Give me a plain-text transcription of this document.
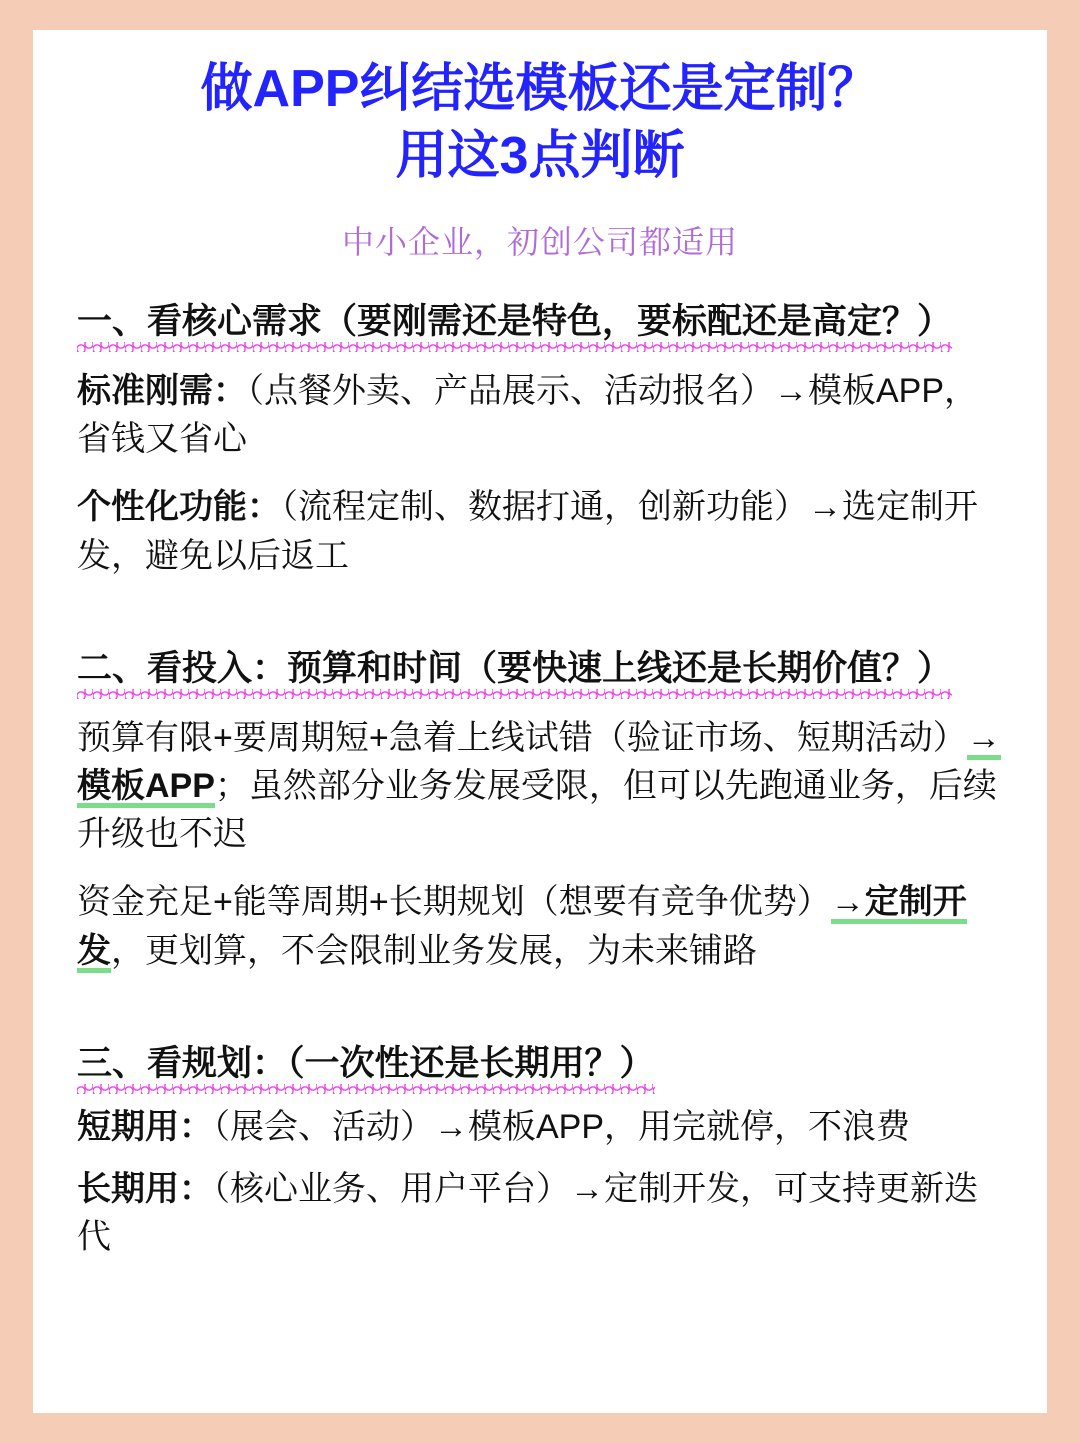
做APP纠结选模板还是定制？
用这3点判断
中小企业，初创公司都适用
一、看核心需求（要刚需还是特色，要标配还是高定？）
标准刚需：（点餐外卖、产品展示、活动报名）→模板APP，省钱又省心
个性化功能：（流程定制、数据打通，创新功能）→选定制开发，避免以后返工
二、看投入：预算和时间（要快速上线还是长期价值？）
预算有限+要周期短+急着上线试错（验证市场、短期活动）→模板APP；虽然部分业务发展受限，但可以先跑通业务，后续升级也不迟
资金充足+能等周期+长期规划（想要有竞争优势）→定制开发，更划算，不会限制业务发展，为未来铺路
三、看规划：（一次性还是长期用？）
短期用：（展会、活动）→模板APP，用完就停，不浪费
长期用：（核心业务、用户平台）→定制开发，可支持更新迭代
